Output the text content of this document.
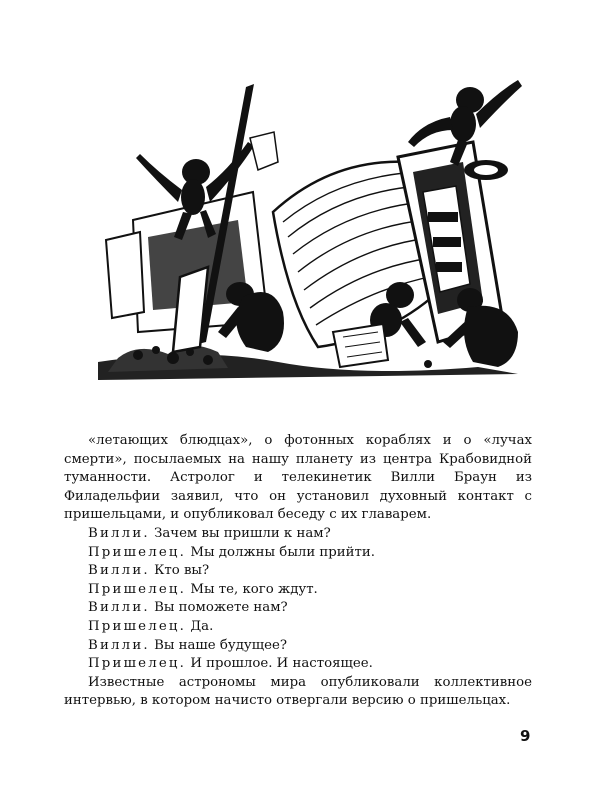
«летающих блюдцах», о фотонных кораблях и о «лучах смерти», посылаемых на нашу планету из центра Крабовидной туманности. Астролог и телекинетик Вилли Браун из Филадельфии заявил, что он установил духовный контакт с пришельцами, и опубликовал беседу с их главарем.

Вилли. Зачем вы пришли к нам?

Пришелец. Мы должны были прийти.

Вилли. Кто вы?

Пришелец. Мы те, кого ждут.

Вилли. Вы поможете нам?

Пришелец. Да.

Вилли. Вы наше будущее?

Пришелец. И прошлое. И настоящее.

Известные астрономы мира опубликовали коллективное интервью, в котором начисто отвергали версию о пришельцах.

9
